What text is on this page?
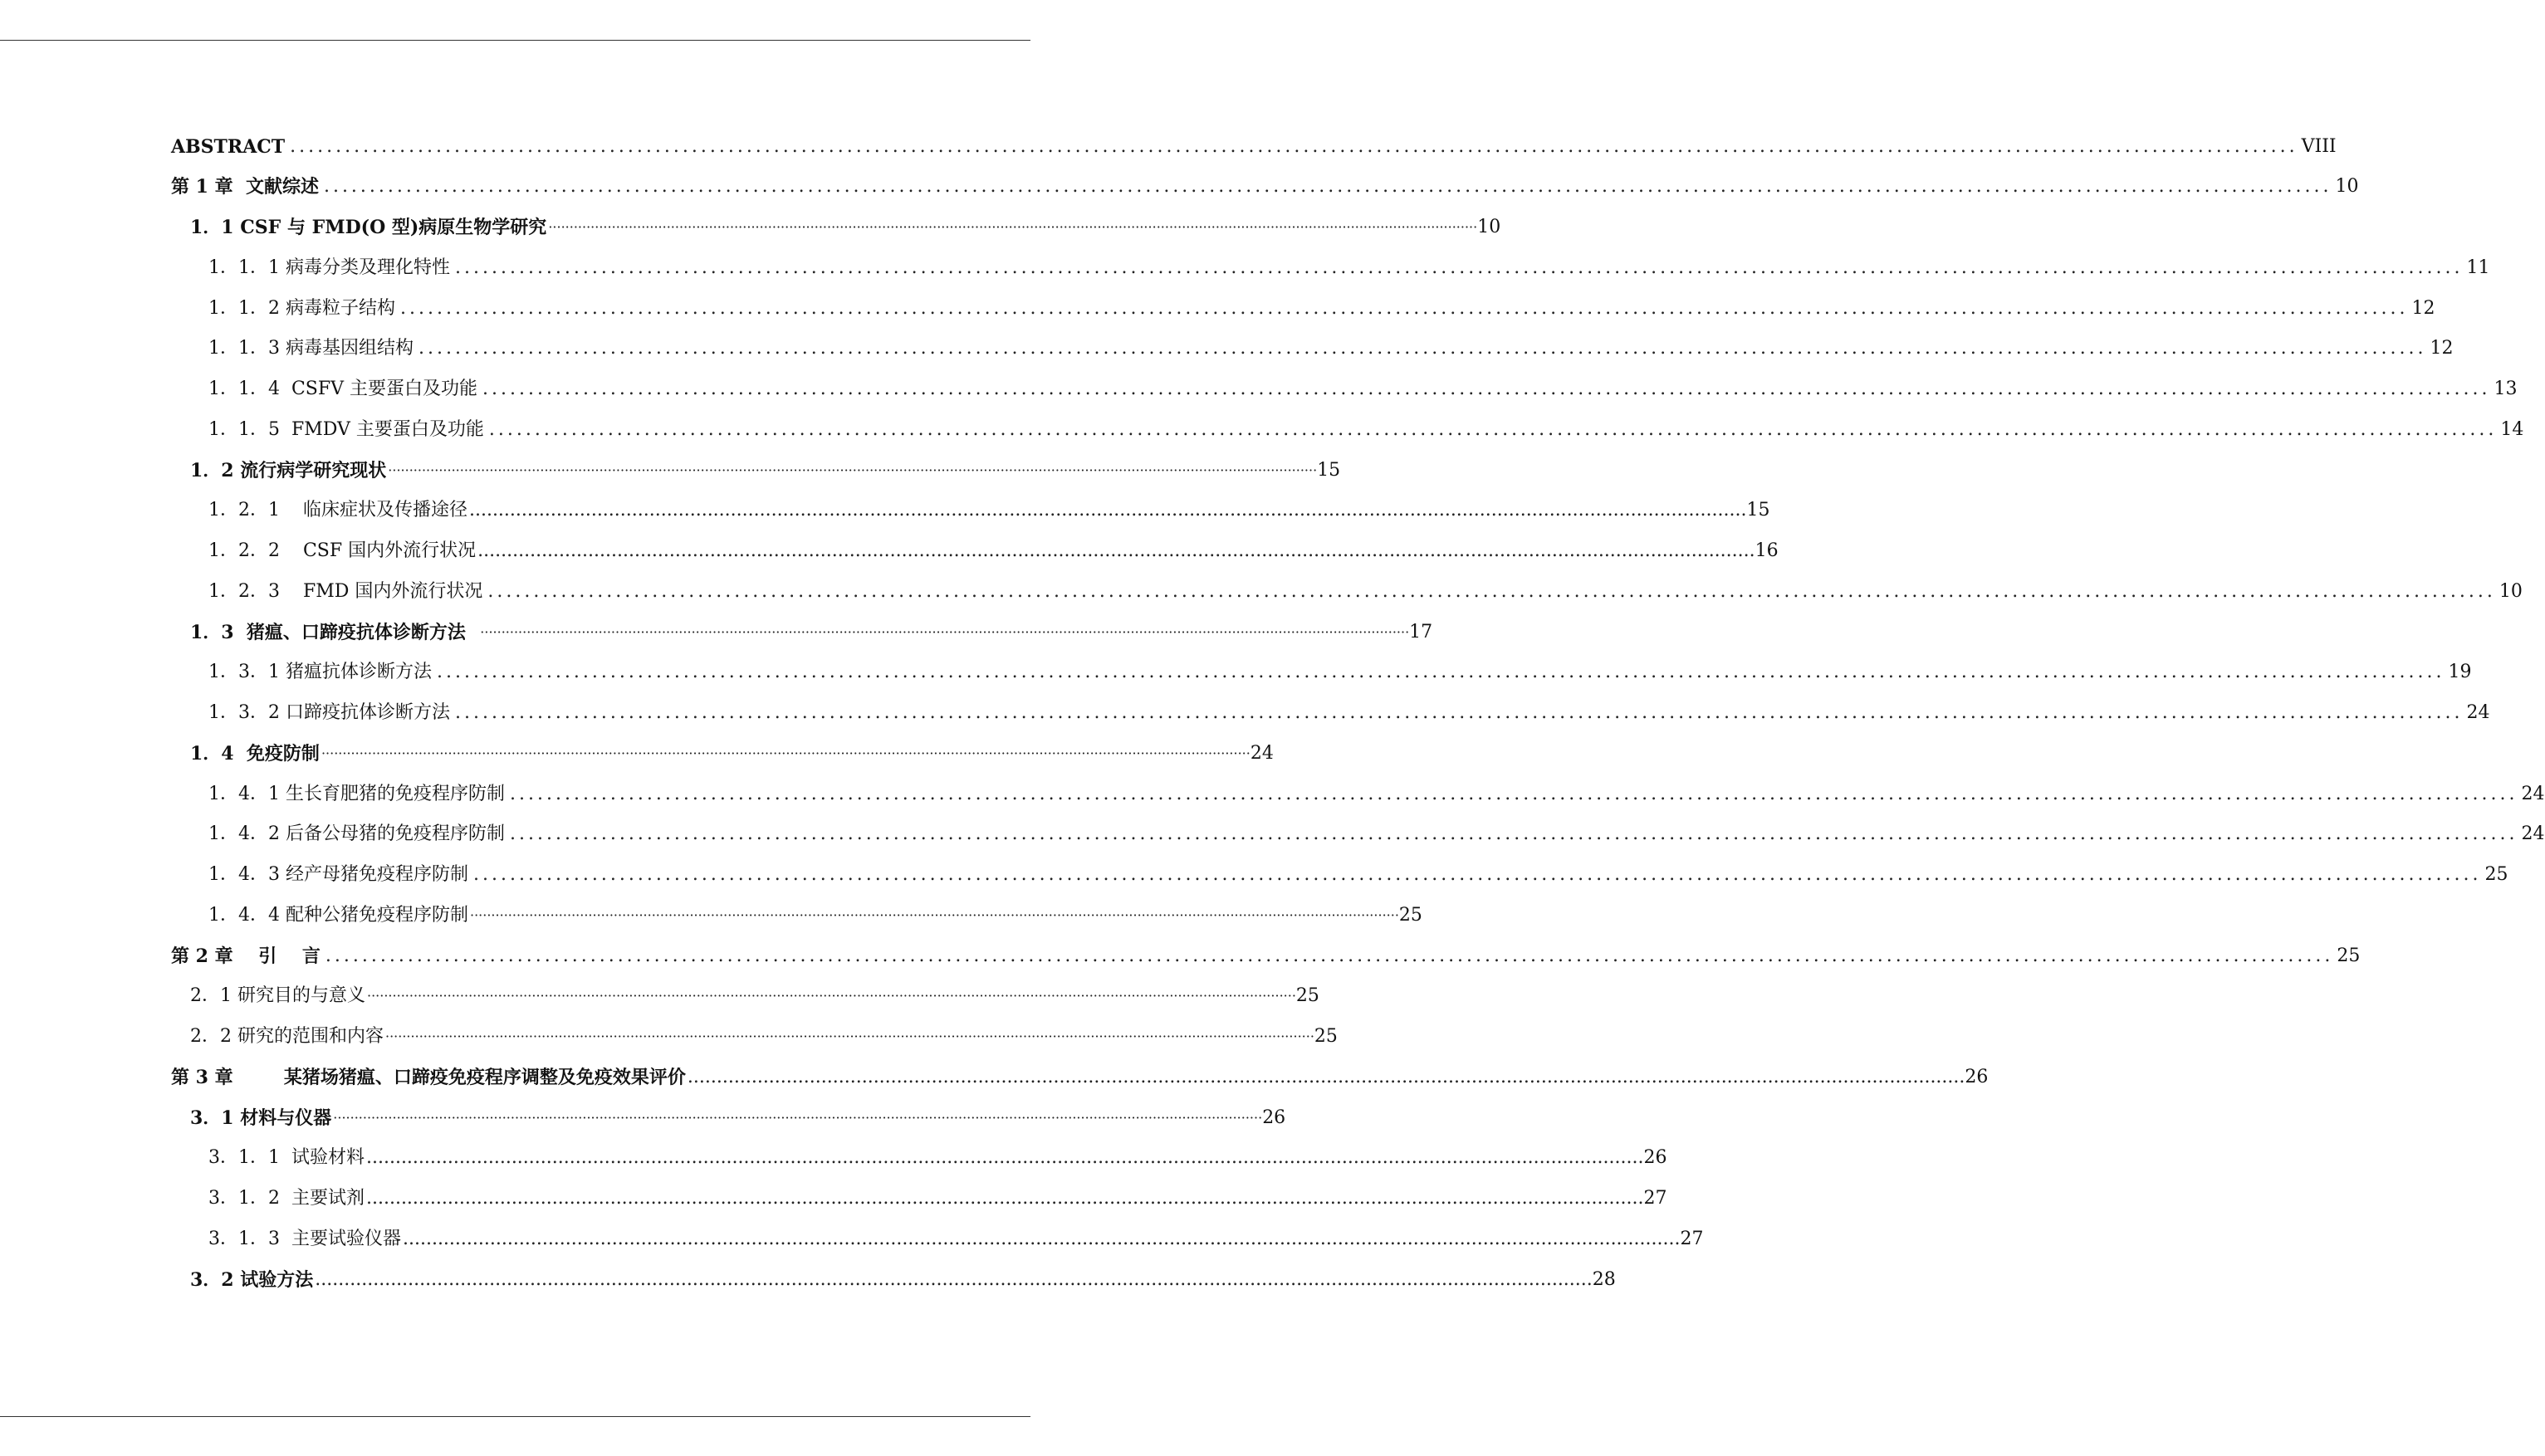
ABSTRACT ............................................................................................................................................................................................................................ VIII
第 1 章  文献综述 ............................................................................................................................................................................................................................ 10
1．1 CSF 与 FMD(O 型)病原生物学研究 ···························································································································································································································· 10
1．1．1 病毒分类及理化特性 ............................................................................................................................................................................................................................ 11
1．1．2 病毒粒子结构 ............................................................................................................................................................................................................................ 12
1．1．3 病毒基因组结构 ............................................................................................................................................................................................................................ 12
1．1．4  CSFV 主要蛋白及功能 ............................................................................................................................................................................................................................ 13
1．1．5  FMDV 主要蛋白及功能 ............................................................................................................................................................................................................................ 14
1．2 流行病学研究现状 ···························································································································································································································· 15
1．2．1    临床症状及传播途径 ............................................................................................................................................................................................................................ 15
1．2．2    CSF 国内外流行状况 ............................................................................................................................................................................................................................ 16
1．2．3    FMD 国内外流行状况 ............................................................................................................................................................................................................................ 10
1．3  猪瘟、口蹄疫抗体诊断方法 ···························································································································································································································· 17
1．3．1 猪瘟抗体诊断方法 ............................................................................................................................................................................................................................ 19
1．3．2 口蹄疫抗体诊断方法 ............................................................................................................................................................................................................................ 24
1．4  免疫防制 ···························································································································································································································· 24
1．4．1 生长育肥猪的免疫程序防制 ............................................................................................................................................................................................................................ 24
1．4．2 后备公母猪的免疫程序防制 ............................................................................................................................................................................................................................ 24
1．4．3 经产母猪免疫程序防制 ............................................................................................................................................................................................................................ 25
1．4．4 配种公猪免疫程序防制 ···························································································································································································································· 25
第 2 章    引    言 ............................................................................................................................................................................................................................ 25
2．1 研究目的与意义 ···························································································································································································································· 25
2．2 研究的范围和内容 ···························································································································································································································· 25
第 3 章        某猪场猪瘟、口蹄疫免疫程序调整及免疫效果评价 ............................................................................................................................................................................................................................ 26
3．1 材料与仪器 ···························································································································································································································· 26
3．1．1  试验材料 ............................................................................................................................................................................................................................ 26
3．1．2  主要试剂 ............................................................................................................................................................................................................................ 27
3．1．3  主要试验仪器 ............................................................................................................................................................................................................................ 27
3．2 试验方法 ............................................................................................................................................................................................................................ 28
